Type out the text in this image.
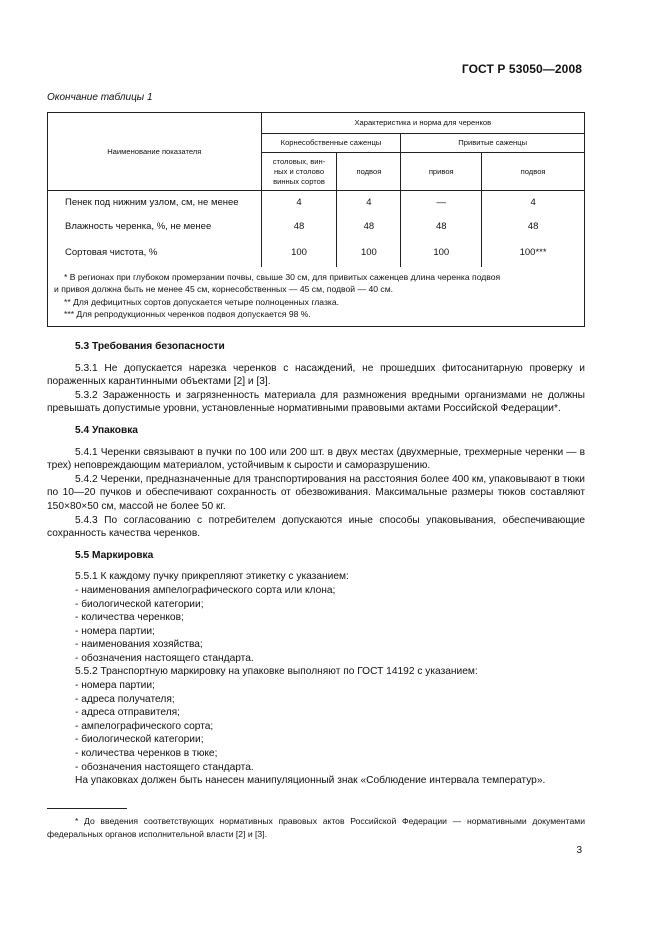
ГОСТ Р 53050—2008
Окончание таблицы 1
Наименование показателя	Характеристика и норма для черенков			
	Корнесобственные саженцы		Привитые саженцы	

	столовых, вин-
ных и столово
винных сортов	подвоя	привоя	подвоя
Пенек под нижним узлом, см, не менее	4	4	—	4
Влажность черенка, %, не менее	48	48	48	48
Сортовая чистота, %	100	100	100	100***
* В регионах при глубоком промерзании почвы, свыше 30 см, для привитых саженцев длина черенка подвоя
и привоя должна быть не менее 45 см, корнесобственных — 45 см, подвой — 40 см.
** Для дефицитных сортов допускается четыре полноценных глазка.
*** Для репродукционных черенков подвоя допускается 98 %.

5.3 Требования безопасности

5.3.1 Не допускается нарезка черенков с насаждений, не прошедших фитосанитарную проверку и пораженных карантинными объектами [2] и [3].

5.3.2 Зараженность и загрязненность материала для размножения вредными организмами не должны превышать допустимые уровни, установленные нормативными правовыми актами Российской Федерации*.

5.4 Упаковка

5.4.1 Черенки связывают в пучки по 100 или 200 шт. в двух местах (двухмерные, трехмерные черенки — в трех) неповреждающим материалом, устойчивым к сырости и саморазрушению.

5.4.2 Черенки, предназначенные для транспортирования на расстояния более 400 км, упаковывают в тюки по 10—20 пучков и обеспечивают сохранность от обезвоживания. Максимальные размеры тюков составляют 150×80×50 см, массой не более 50 кг.

5.4.3 По согласованию с потребителем допускаются иные способы упаковывания, обеспечивающие сохранность качества черенков.

5.5 Маркировка

5.5.1 К каждому пучку прикрепляют этикетку с указанием:

- наименования ампелографического сорта или клона;

- биологической категории;

- количества черенков;

- номера партии;

- наименования хозяйства;

- обозначения настоящего стандарта.

5.5.2 Транспортную маркировку на упаковке выполняют по ГОСТ 14192 с указанием:

- номера партии;

- адреса получателя;

- адреса отправителя;

- ампелографического сорта;

- биологической категории;

- количества черенков в тюке;

- обозначения настоящего стандарта.

На упаковках должен быть нанесен манипуляционный знак «Соблюдение интервала температур».

* До введения соответствующих нормативных правовых актов Российской Федерации — нормативными документами федеральных органов исполнительной власти [2] и [3].
3
